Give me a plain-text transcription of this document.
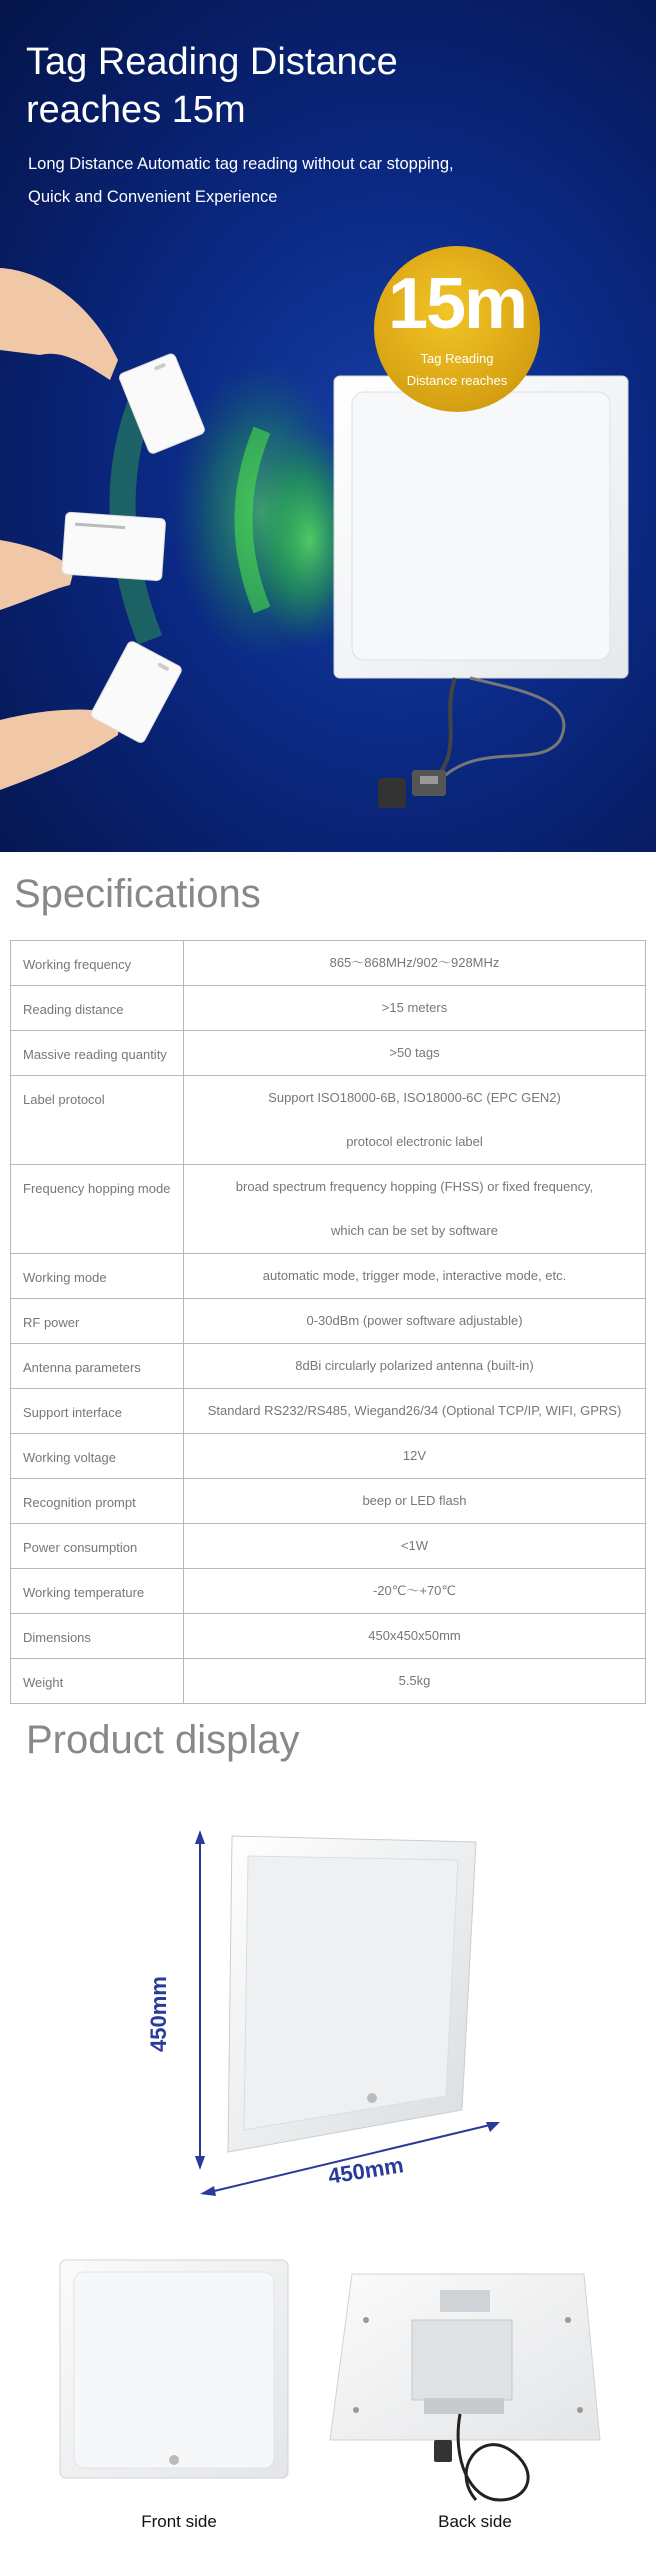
Tag Reading Distance
reaches 15m

Long Distance Automatic tag reading without car stopping,
Quick and Convenient Experience

15m
Tag Reading Distance reaches
Specifications
Working frequency	865～868MHz/902～928MHz

Reading distance	>15 meters

Massive reading quantity	>50 tags

Label protocol	Support ISO18000-6B, ISO18000-6C (EPC GEN2)
protocol electronic label

Frequency hopping mode	broad spectrum frequency hopping (FHSS) or fixed frequency,
which can be set by software

Working mode	automatic mode, trigger mode, interactive mode, etc.

RF power	0-30dBm (power software adjustable)

Antenna parameters	8dBi circularly polarized antenna (built-in)

Support interface	Standard RS232/RS485, Wiegand26/34 (Optional TCP/IP, WIFI, GPRS)

Working voltage	12V

Recognition prompt	beep or LED flash

Power consumption	<1W

Working temperature	-20℃～+70℃

Dimensions	450x450x50mm

Weight	5.5kg
Product display
450mm
450mm
Front side	Back side
